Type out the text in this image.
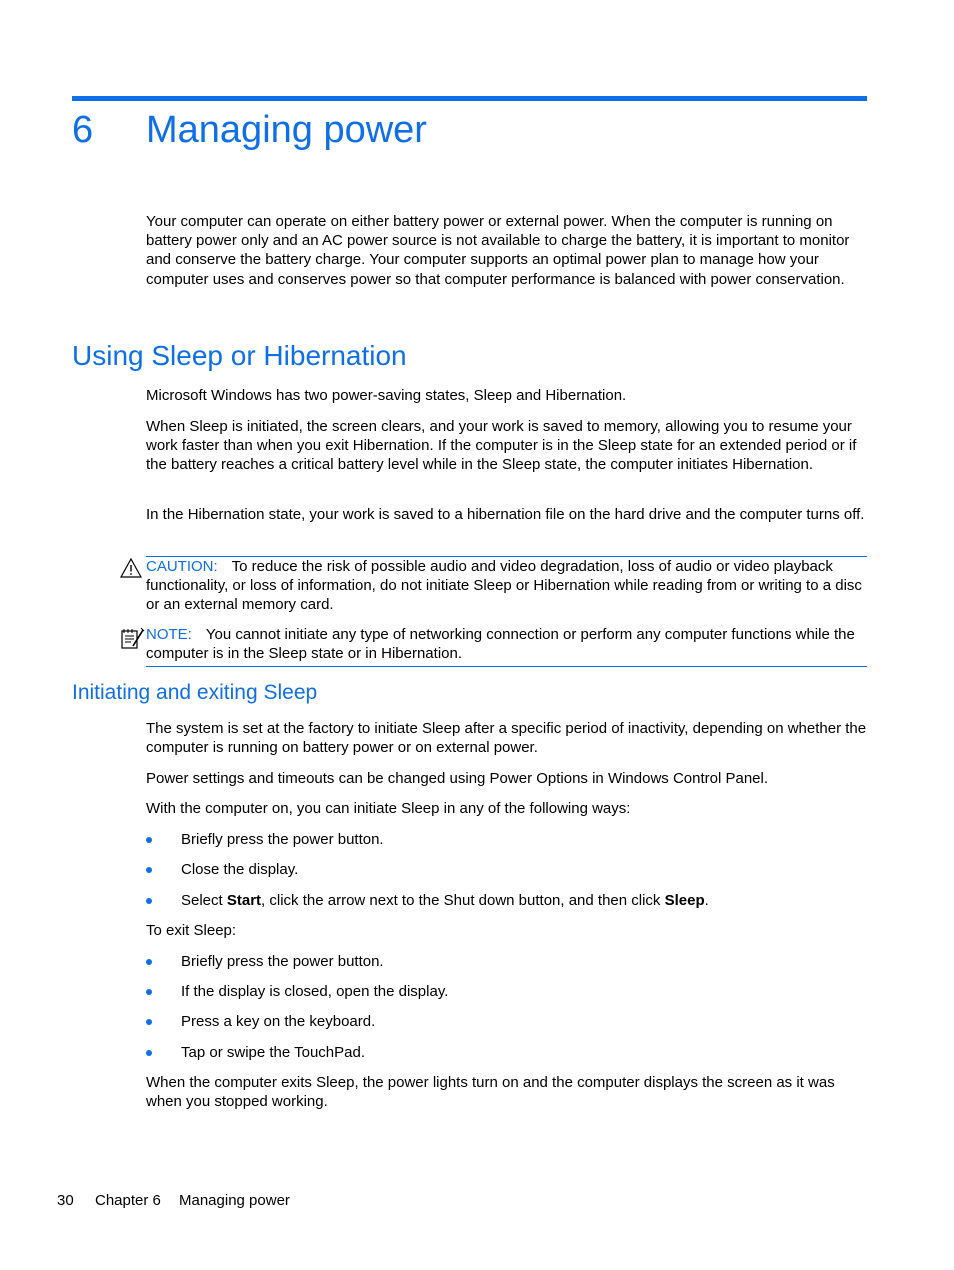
6 Managing power

Your computer can operate on either battery power or external power. When the computer is running on battery power only and an AC power source is not available to charge the battery, it is important to monitor and conserve the battery charge. Your computer supports an optimal power plan to manage how your computer uses and conserves power so that computer performance is balanced with power conservation.

Using Sleep or Hibernation

Microsoft Windows has two power-saving states, Sleep and Hibernation.

When Sleep is initiated, the screen clears, and your work is saved to memory, allowing you to resume your work faster than when you exit Hibernation. If the computer is in the Sleep state for an extended period or if the battery reaches a critical battery level while in the Sleep state, the computer initiates Hibernation.

In the Hibernation state, your work is saved to a hibernation file on the hard drive and the computer turns off.

CAUTION: To reduce the risk of possible audio and video degradation, loss of audio or video playback functionality, or loss of information, do not initiate Sleep or Hibernation while reading from or writing to a disc or an external memory card.
NOTE: You cannot initiate any type of networking connection or perform any computer functions while the computer is in the Sleep state or in Hibernation.
Initiating and exiting Sleep

The system is set at the factory to initiate Sleep after a specific period of inactivity, depending on whether the computer is running on battery power or on external power.

Power settings and timeouts can be changed using Power Options in Windows Control Panel.

With the computer on, you can initiate Sleep in any of the following ways:

Briefly press the power button.
Close the display.
Select Start, click the arrow next to the Shut down button, and then click Sleep.

To exit Sleep:

Briefly press the power button.
If the display is closed, open the display.
Press a key on the keyboard.
Tap or swipe the TouchPad.

When the computer exits Sleep, the power lights turn on and the computer displays the screen as it was when you stopped working.

30 Chapter 6 Managing power
